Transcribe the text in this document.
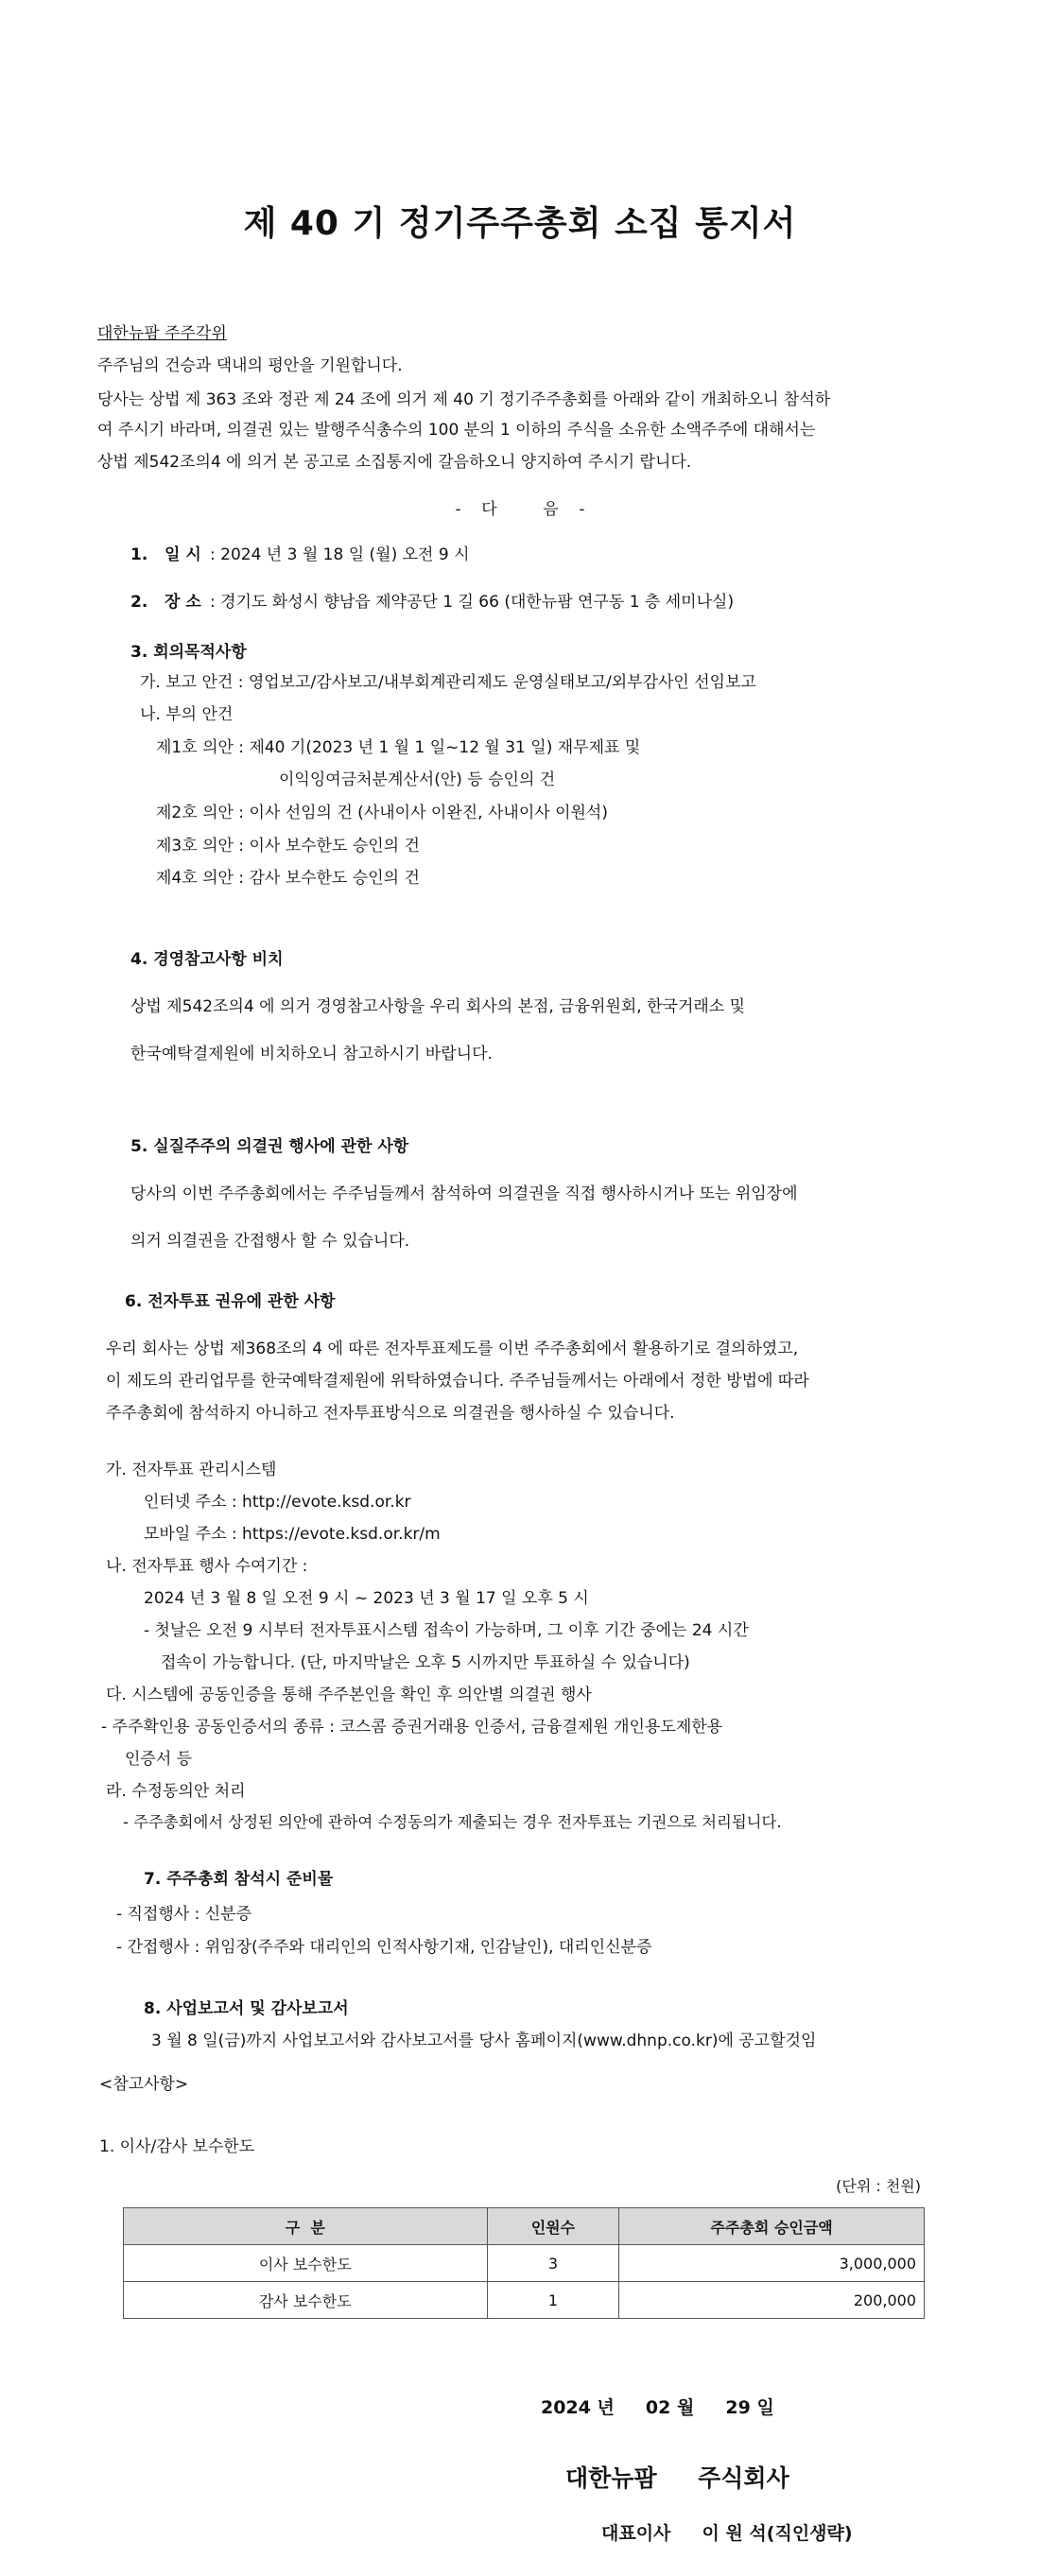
제 40 기 정기주주총회 소집 통지서
대한뉴팜 주주각위
주주님의 건승과 댁내의 평안을 기원합니다.
당사는 상법 제 363 조와 정관 제 24 조에 의거 제 40 기 정기주주총회를 아래와 같이 개최하오니 참석하
여 주시기 바라며, 의결권 있는 발행주식총수의 100 분의 1 이하의 주식을 소유한 소액주주에 대해서는
상법 제542조의4 에 의거 본 공고로 소집통지에 갈음하오니 양지하여 주시기 랍니다.
-    다         음    -
1.   일 시 : 2024 년 3 월 18 일 (월) 오전 9 시
2.   장 소 : 경기도 화성시 향남읍 제약공단 1 길 66 (대한뉴팜 연구동 1 층 세미나실)
3. 회의목적사항
가. 보고 안건 : 영업보고/감사보고/내부회계관리제도 운영실태보고/외부감사인 선임보고
나. 부의 안건
제1호 의안 : 제40 기(2023 년 1 월 1 일~12 월 31 일) 재무제표 및
이익잉여금처분계산서(안) 등 승인의 건
제2호 의안 : 이사 선임의 건 (사내이사 이완진, 사내이사 이원석)
제3호 의안 : 이사 보수한도 승인의 건
제4호 의안 : 감사 보수한도 승인의 건
4. 경영참고사항 비치
상법 제542조의4 에 의거 경영참고사항을 우리 회사의 본점, 금융위원회, 한국거래소 및
한국예탁결제원에 비치하오니 참고하시기 바랍니다.
5. 실질주주의 의결권 행사에 관한 사항
당사의 이번 주주총회에서는 주주님들께서 참석하여 의결권을 직접 행사하시거나 또는 위임장에
의거 의결권을 간접행사 할 수 있습니다.
6. 전자투표 권유에 관한 사항
우리 회사는 상법 제368조의 4 에 따른 전자투표제도를 이번 주주총회에서 활용하기로 결의하였고,
이 제도의 관리업무를 한국예탁결제원에 위탁하였습니다. 주주님들께서는 아래에서 정한 방법에 따라
주주총회에 참석하지 아니하고 전자투표방식으로 의결권을 행사하실 수 있습니다.
가. 전자투표 관리시스템
인터넷 주소 : http://evote.ksd.or.kr
모바일 주소 : https://evote.ksd.or.kr/m
나. 전자투표 행사 수여기간 :
2024 년 3 월 8 일 오전 9 시 ~ 2023 년 3 월 17 일 오후 5 시
- 첫날은 오전 9 시부터 전자투표시스템 접속이 가능하며, 그 이후 기간 중에는 24 시간
접속이 가능합니다. (단, 마지막날은 오후 5 시까지만 투표하실 수 있습니다)
다. 시스템에 공동인증을 통해 주주본인을 확인 후 의안별 의결권 행사
- 주주확인용 공동인증서의 종류 : 코스콤 증권거래용 인증서, 금융결제원 개인용도제한용
인증서 등
라. 수정동의안 처리
- 주주총회에서 상정된 의안에 관하여 수정동의가 제출되는 경우 전자투표는 기권으로 처리됩니다.
7. 주주총회 참석시 준비물
- 직접행사 : 신분증
- 간접행사 : 위임장(주주와 대리인의 인적사항기재, 인감날인), 대리인신분증
8. 사업보고서 및 감사보고서
3 월 8 일(금)까지 사업보고서와 감사보고서를 당사 홈페이지(www.dhnp.co.kr)에 공고할것임
<참고사항>
1. 이사/감사 보수한도
(단위 : 천원)
구  분	인원수	주주총회 승인금액
이사 보수한도	3	3,000,000
감사 보수한도	1	200,000
2024 년     02 월     29 일
대한뉴팜     주식회사
대표이사     이 원 석(직인생략)
